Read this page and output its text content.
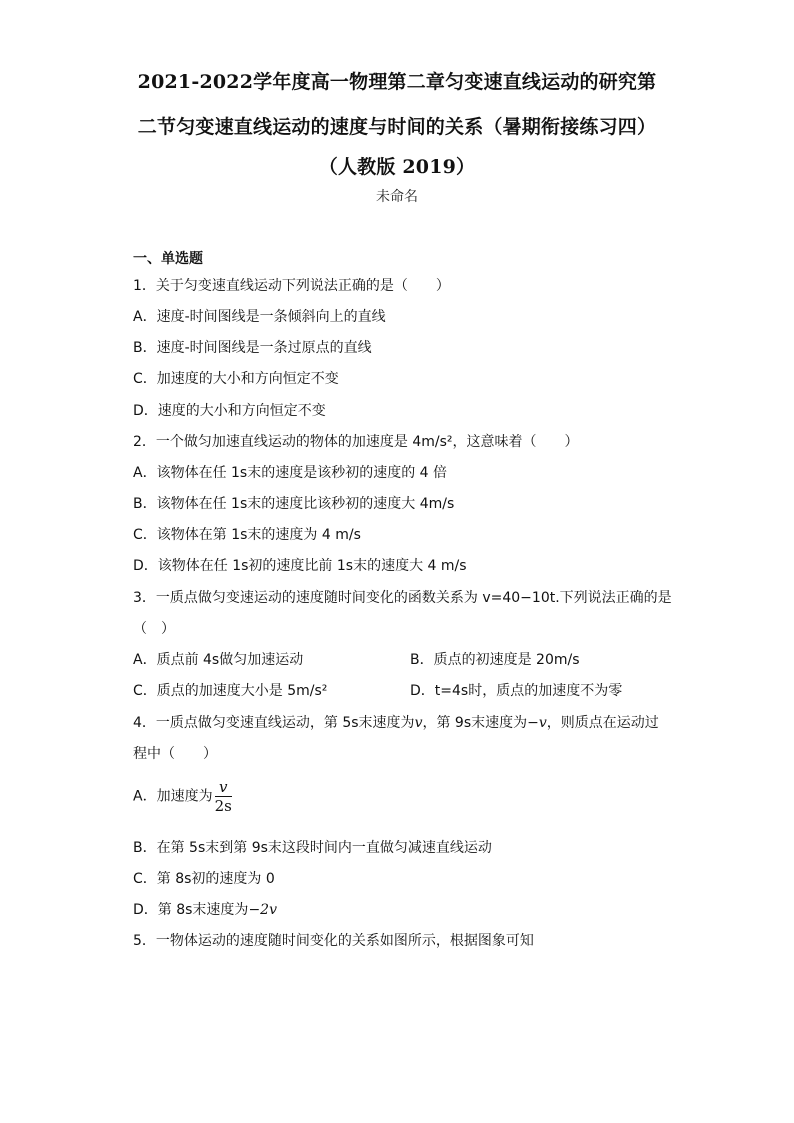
2021-2022学年度高一物理第二章匀变速直线运动的研究第
二节匀变速直线运动的速度与时间的关系（暑期衔接练习四）
（人教版 2019）
未命名
一、单选题
1．关于匀变速直线运动下列说法正确的是（　　）
A．速度-时间图线是一条倾斜向上的直线
B．速度-时间图线是一条过原点的直线
C．加速度的大小和方向恒定不变
D．速度的大小和方向恒定不变
2．一个做匀加速直线运动的物体的加速度是 4m/s²，这意味着（　　）
A．该物体在任 1s末的速度是该秒初的速度的 4 倍
B．该物体在任 1s末的速度比该秒初的速度大 4m/s
C．该物体在第 1s末的速度为 4 m/s
D．该物体在任 1s初的速度比前 1s末的速度大 4 m/s
3．一质点做匀变速运动的速度随时间变化的函数关系为 v=40−10t.下列说法正确的是
（　）
A．质点前 4s做匀加速运动	B．质点的初速度是 20m/s
C．质点的加速度大小是 5m/s²	D．t=4s时，质点的加速度不为零
4．一质点做匀变速直线运动，第 5s末速度为v，第 9s末速度为−v，则质点在运动过
程中（　　）
A．加速度为 $\frac{v}{2s}$
B．在第 5s末到第 9s末这段时间内一直做匀减速直线运动
C．第 8s初的速度为 0
D．第 8s末速度为−2v
5．一物体运动的速度随时间变化的关系如图所示，根据图象可知
